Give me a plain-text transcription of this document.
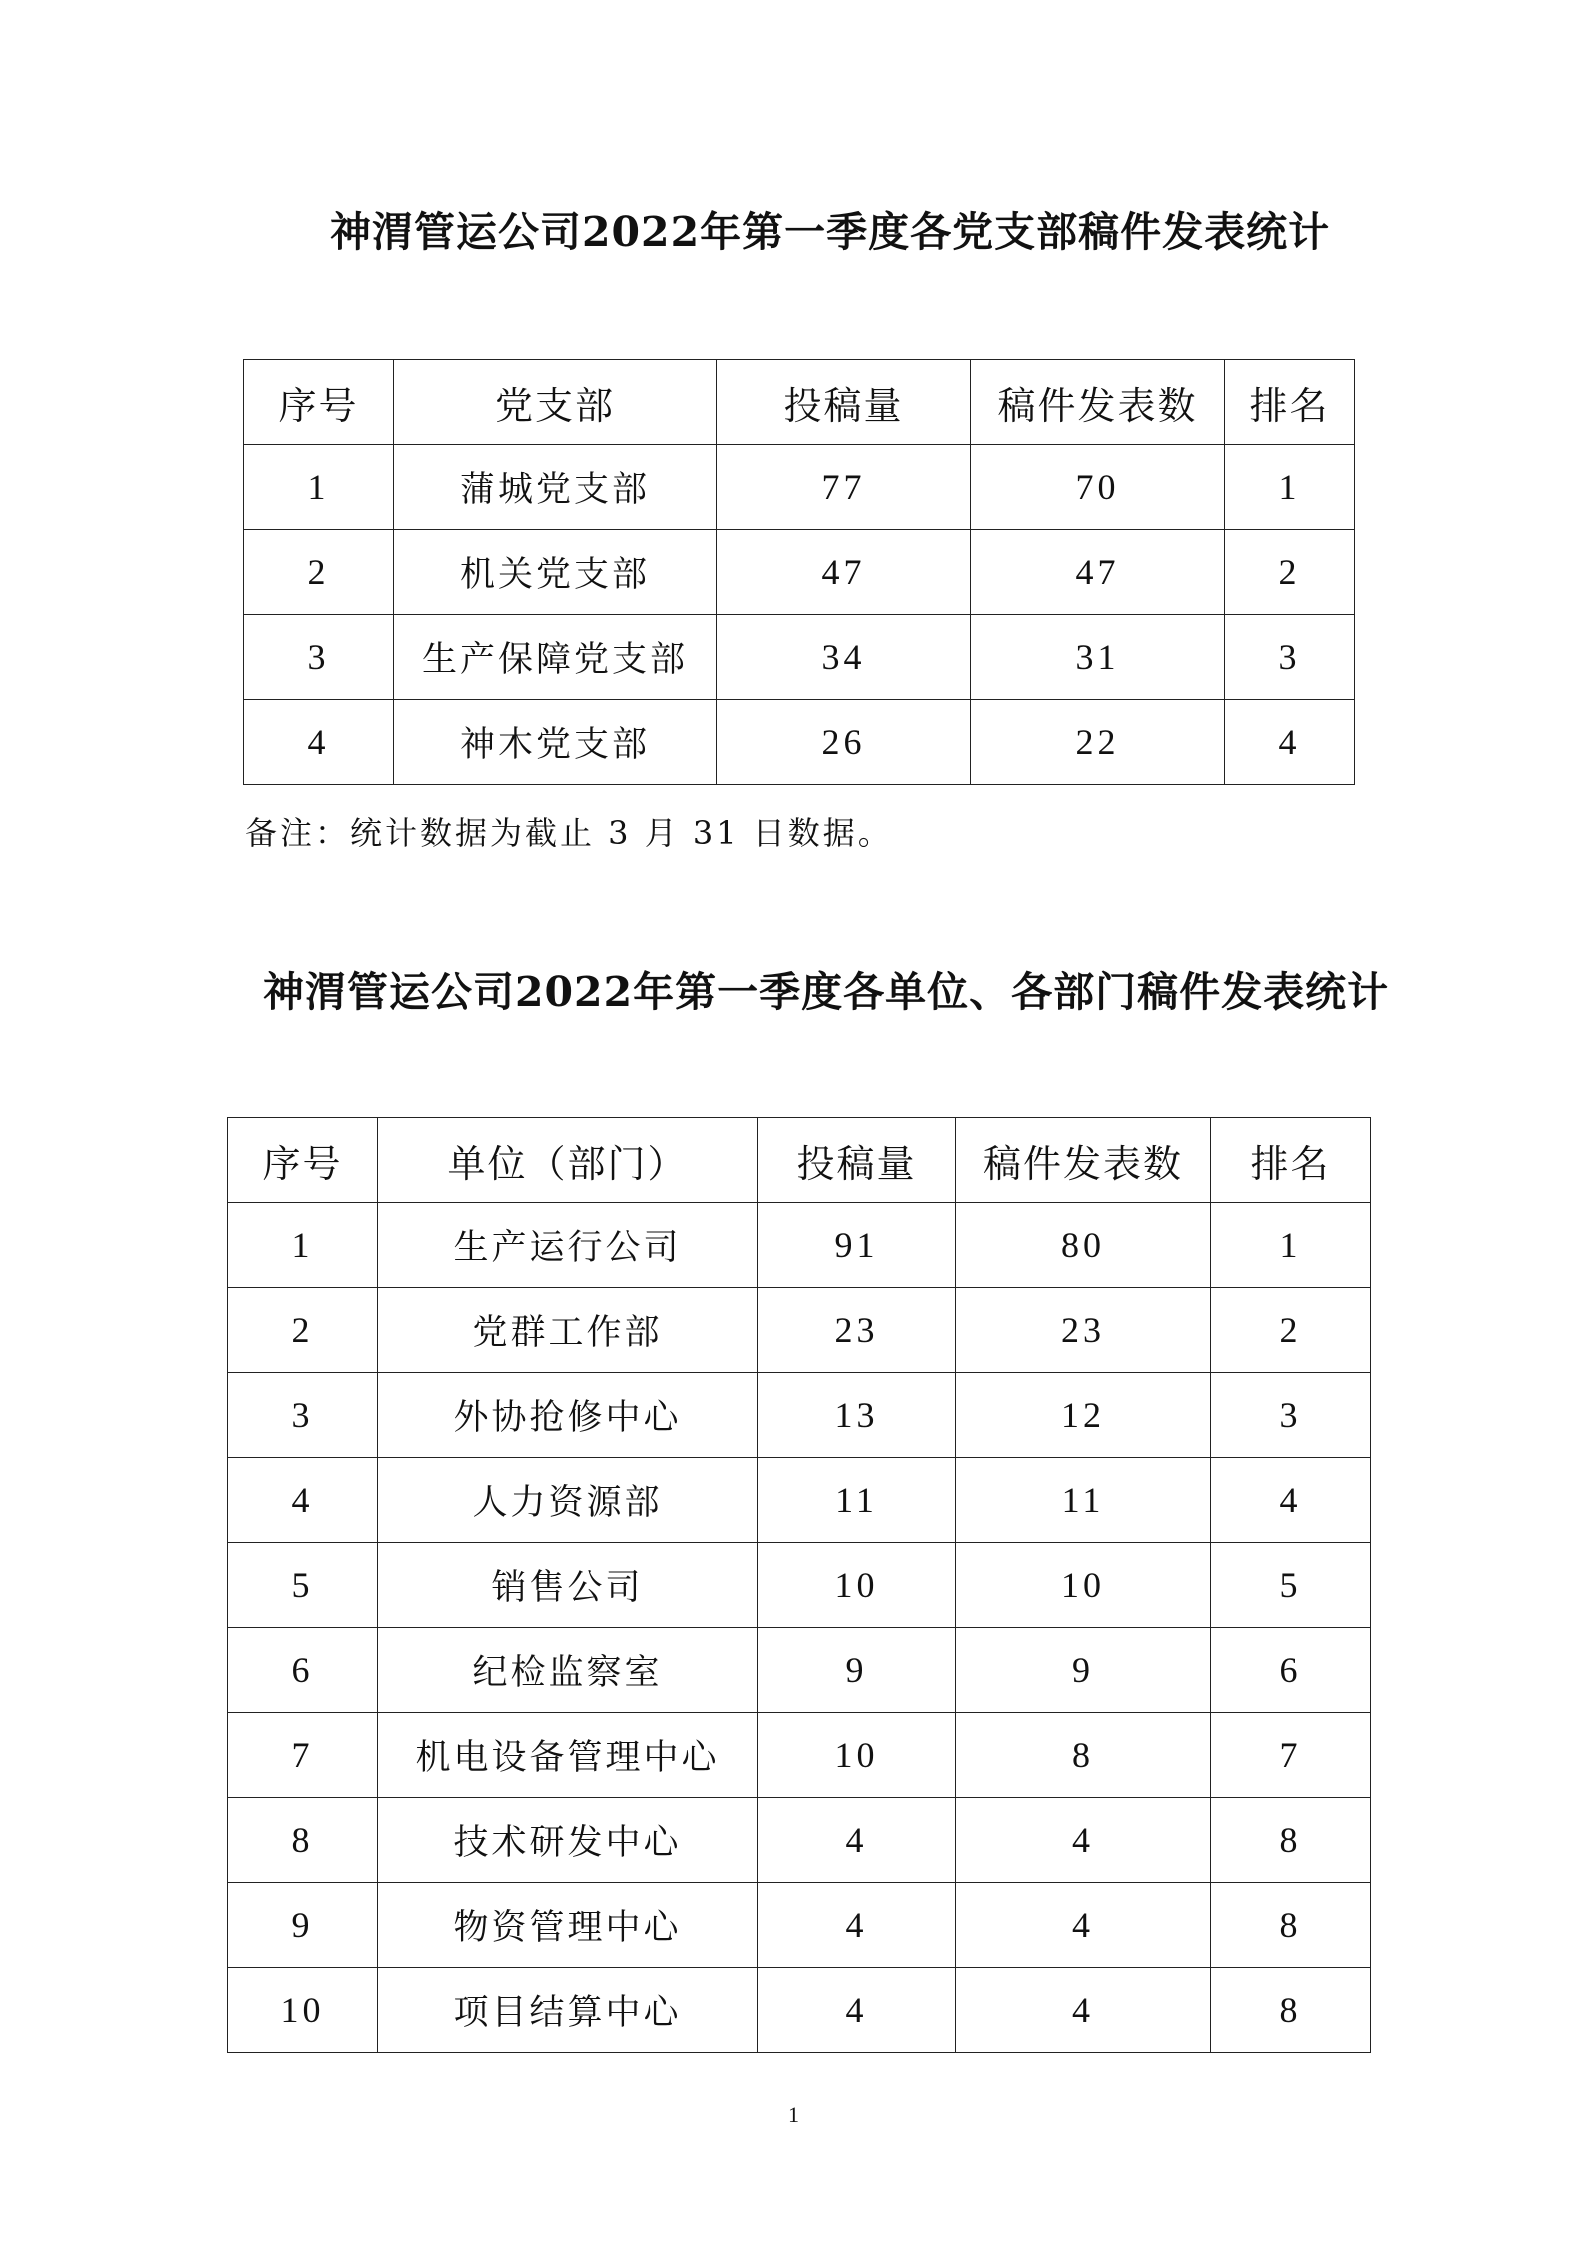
神渭管运公司2022年第一季度各党支部稿件发表统计
序号	党支部	投稿量	稿件发表数	排名
1	蒲城党支部	77	70	1
2	机关党支部	47	47	2
3	生产保障党支部	34	31	3
4	神木党支部	26	22	4

备注：统计数据为截止 3 月 31 日数据。

神渭管运公司2022年第一季度各单位、各部门稿件发表统计
序号	单位（部门）	投稿量	稿件发表数	排名
1	生产运行公司	91	80	1
2	党群工作部	23	23	2
3	外协抢修中心	13	12	3
4	人力资源部	11	11	4
5	销售公司	10	10	5
6	纪检监察室	9	9	6
7	机电设备管理中心	10	8	7
8	技术研发中心	4	4	8
9	物资管理中心	4	4	8
10	项目结算中心	4	4	8

1
